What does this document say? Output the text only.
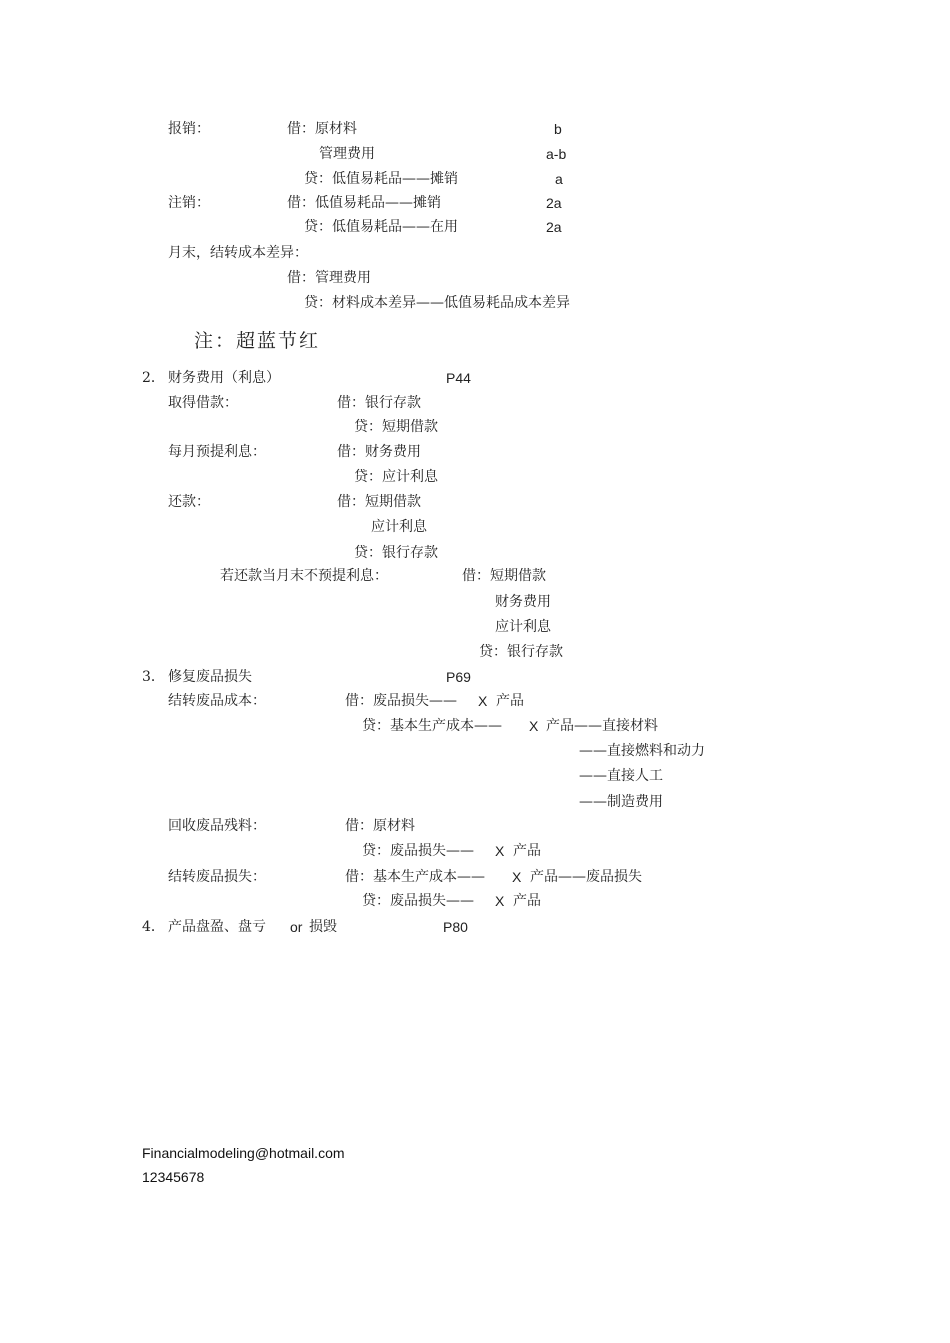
报销：	借：原材料	b
管理费用	a-b
贷：低值易耗品——摊销	a
注销：	借：低值易耗品——摊销	2a
贷：低值易耗品——在用	2a
月末，结转成本差异：
借：管理费用
贷：材料成本差异——低值易耗品成本差异
注：超蓝节红
2． 财务费用（利息）	P44
取得借款：	借：银行存款
贷：短期借款
每月预提利息：	借：财务费用
贷：应计利息
还款：	借：短期借款
应计利息
贷：银行存款
若还款当月末不预提利息：	借：短期借款
财务费用
应计利息
贷：银行存款
3． 修复废品损失	P69
结转废品成本：	借：废品损失—— X 产品
贷：基本生产成本—— X 产品——直接材料
——直接燃料和动力
——直接人工
——制造费用
回收废品残料：	借：原材料
贷：废品损失—— X 产品
结转废品损失：	借：基本生产成本—— X 产品——废品损失
贷：废品损失—— X 产品
4． 产品盘盈、盘亏 or 损毁	P80
Financialmodeling@hotmail.com
12345678
